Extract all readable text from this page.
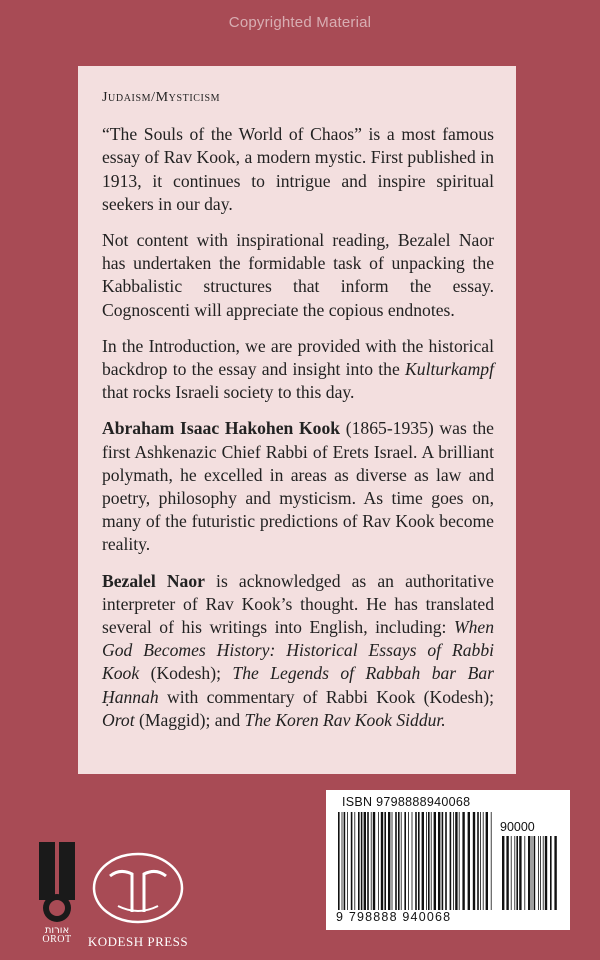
Copyrighted Material
Judaism/Mysticism

“The Souls of the World of Chaos” is a most famous essay of Rav Kook, a modern mystic. First published in 1913, it continues to intrigue and inspire spiritual seekers in our day.

Not content with inspirational reading, Bezalel Naor has undertaken the formidable task of unpacking the Kabbalistic structures that inform the essay. Cognoscenti will appreciate the copious endnotes.

In the Introduction, we are provided with the historical backdrop to the essay and insight into the Kulturkampf that rocks Israeli society to this day.

Abraham Isaac Hakohen Kook (1865-1935) was the first Ashkenazic Chief Rabbi of Erets Israel. A brilliant polymath, he excelled in areas as diverse as law and poetry, philosophy and mysticism. As time goes on, many of the futuristic predictions of Rav Kook become reality.

Bezalel Naor is acknowledged as an authoritative interpreter of Rav Kook’s thought. He has translated several of his writings into English, including: When God Becomes History: Historical Essays of Rabbi Kook (Kodesh); The Legends of Rabbah bar Bar Ḥannah with commentary of Rabbi Kook (Kodesh); Orot (Maggid); and The Koren Rav Kook Siddur.

ISBN 9798888940068
90000
9 798888 940068
אורות
OROT	KODESH PRESS
